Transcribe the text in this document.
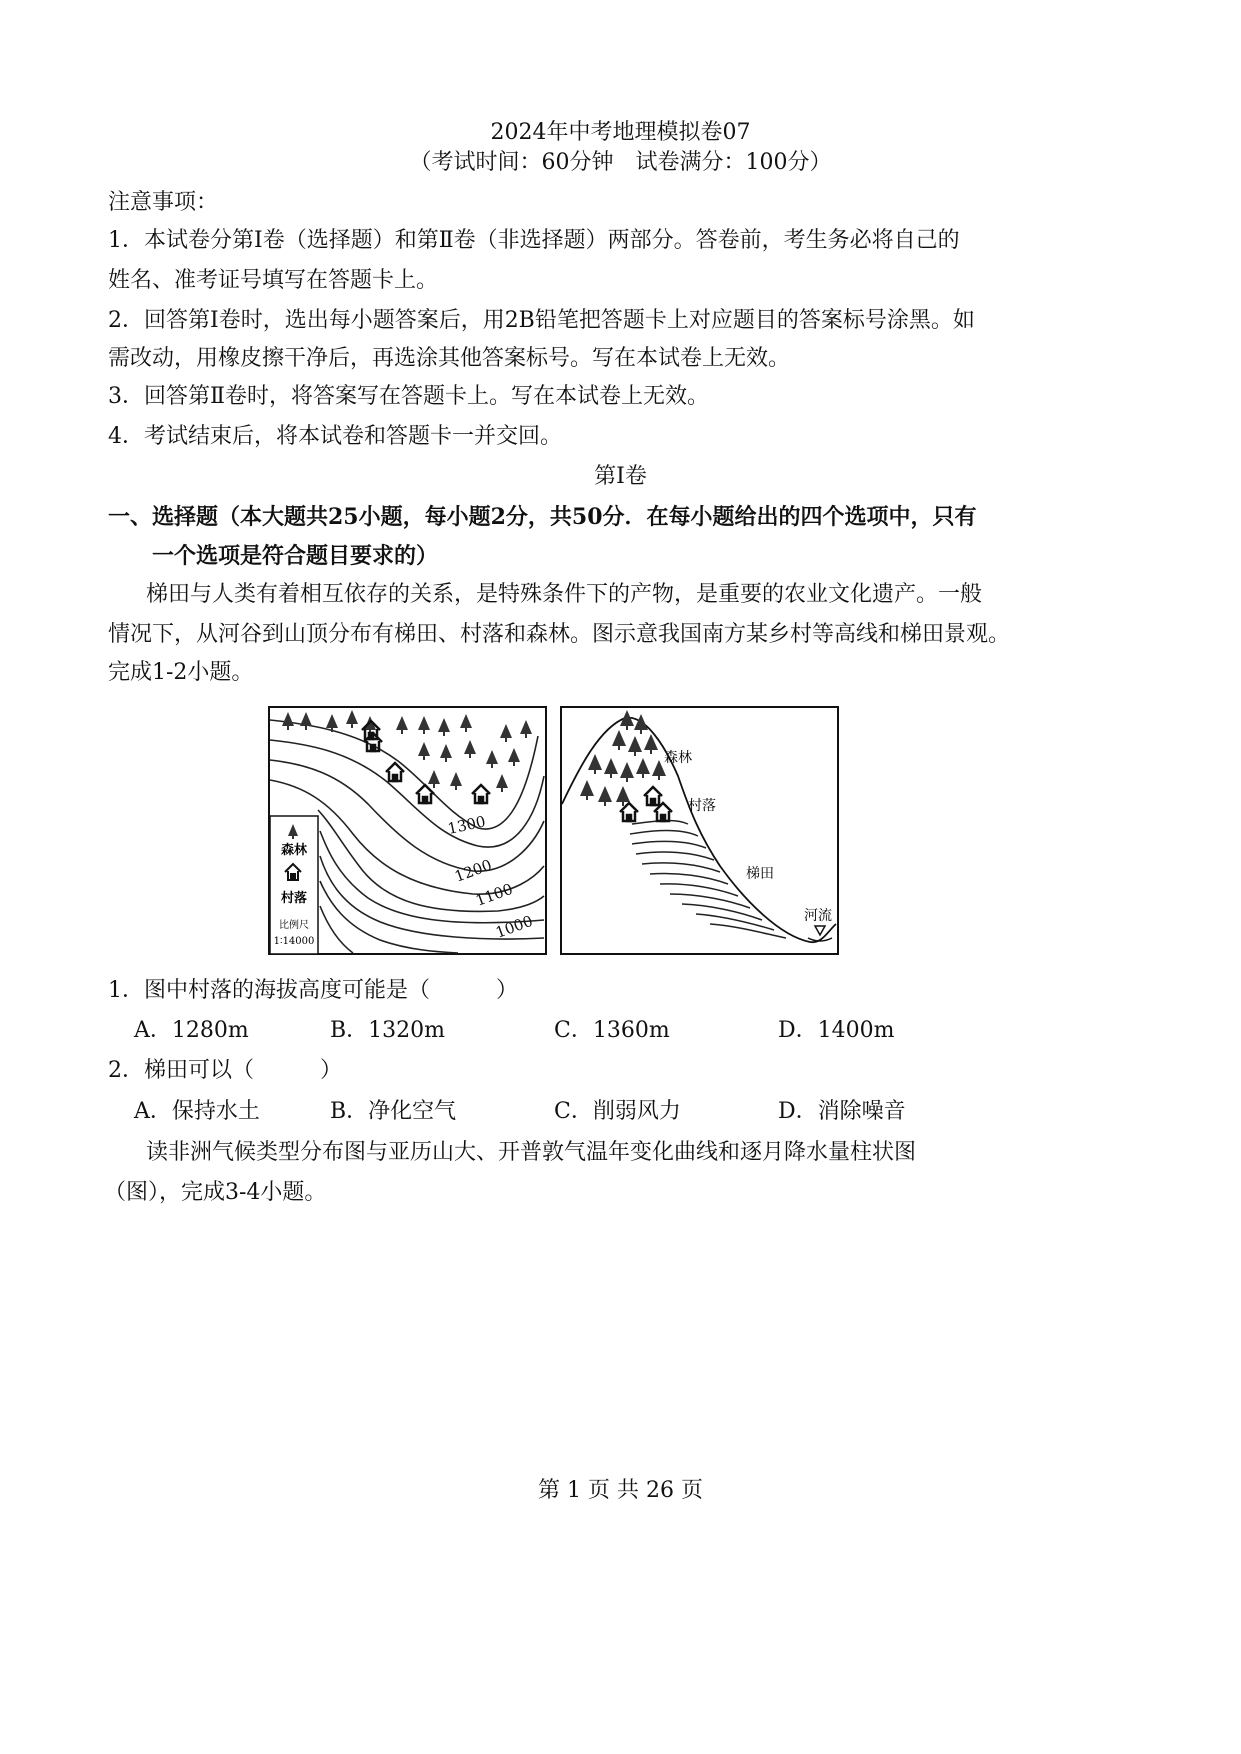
2024年中考地理模拟卷07
（考试时间：60分钟　试卷满分：100分）
注意事项：
1．本试卷分第Ⅰ卷（选择题）和第Ⅱ卷（非选择题）两部分。答卷前，考生务必将自己的
姓名、准考证号填写在答题卡上。
2．回答第Ⅰ卷时，选出每小题答案后，用2B铅笔把答题卡上对应题目的答案标号涂黑。如
需改动，用橡皮擦干净后，再选涂其他答案标号。写在本试卷上无效。
3．回答第Ⅱ卷时，将答案写在答题卡上。写在本试卷上无效。
4．考试结束后，将本试卷和答题卡一并交回。
第Ⅰ卷
一、选择题（本大题共25小题，每小题2分，共50分．在每小题给出的四个选项中，只有
一个选项是符合题目要求的）
梯田与人类有着相互依存的关系，是特殊条件下的产物，是重要的农业文化遗产。一般
情况下，从河谷到山顶分布有梯田、村落和森林。图示意我国南方某乡村等高线和梯田景观。
完成1-2小题。
1300
1200
1100
1000
森林
村落
比例尺
1∶14000
森林
村落
梯田
河流
1．图中村落的海拔高度可能是（　　　）
A．1280m	B．1320m	C．1360m	D．1400m
2．梯田可以（　　　）
A．保持水土	B．净化空气	C．削弱风力	D．消除噪音
读非洲气候类型分布图与亚历山大、开普敦气温年变化曲线和逐月降水量柱状图
（图），完成3-4小题。
第 1 页 共 26 页
